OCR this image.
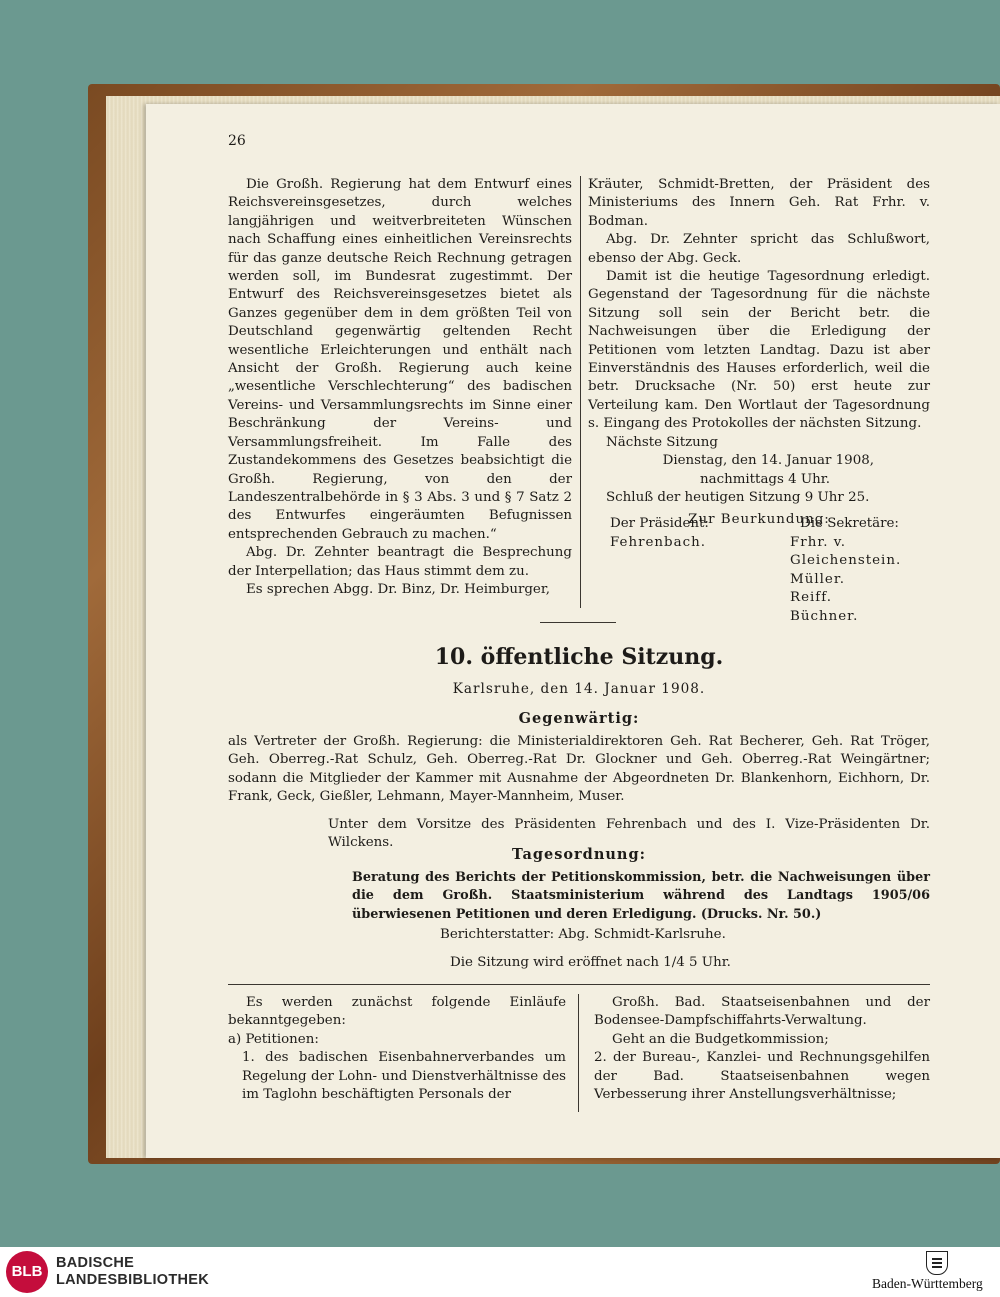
26

Die Großh. Regierung hat dem Entwurf eines Reichsvereinsgesetzes, durch welches langjährigen und weitverbreiteten Wünschen nach Schaffung eines einheitlichen Vereinsrechts für das ganze deutsche Reich Rechnung getragen werden soll, im Bundesrat zugestimmt. Der Entwurf des Reichsvereinsgesetzes bietet als Ganzes gegenüber dem in dem größten Teil von Deutschland gegenwärtig geltenden Recht wesentliche Erleichterungen und enthält nach Ansicht der Großh. Regierung auch keine „wesentliche Verschlechterung“ des badischen Vereins- und Versammlungsrechts im Sinne einer Beschränkung der Vereins- und Versammlungsfreiheit. Im Falle des Zustandekommens des Gesetzes beabsichtigt die Großh. Regierung, von den der Landeszentralbehörde in § 3 Abs. 3 und § 7 Satz 2 des Entwurfes eingeräumten Befugnissen entsprechenden Gebrauch zu machen.“

Abg. Dr. Zehnter beantragt die Besprechung der Interpellation; das Haus stimmt dem zu.

Es sprechen Abgg. Dr. Binz, Dr. Heimburger,

Kräuter, Schmidt-Bretten, der Präsident des Ministeriums des Innern Geh. Rat Frhr. v. Bodman.

Abg. Dr. Zehnter spricht das Schlußwort, ebenso der Abg. Geck.

Damit ist die heutige Tagesordnung erledigt. Gegenstand der Tagesordnung für die nächste Sitzung soll sein der Bericht betr. die Nachweisungen über die Erledigung der Petitionen vom letzten Landtag. Dazu ist aber Einverständnis des Hauses erforderlich, weil die betr. Drucksache (Nr. 50) erst heute zur Verteilung kam. Den Wortlaut der Tagesordnung s. Eingang des Protokolles der nächsten Sitzung.

Nächste Sitzung

Dienstag, den 14. Januar 1908,

nachmittags 4 Uhr.

Schluß der heutigen Sitzung 9 Uhr 25.

Zur Beurkundung:

Der Präsident:
Fehrenbach.
Die Sekretäre:
Frhr. v. Gleichenstein.
Müller.
Reiff.
Büchner.
10. öffentliche Sitzung.
Karlsruhe, den 14. Januar 1908.
Gegenwärtig:

als Vertreter der Großh. Regierung: die Ministerialdirektoren Geh. Rat Becherer, Geh. Rat Tröger, Geh. Oberreg.-Rat Schulz, Geh. Oberreg.-Rat Dr. Glockner und Geh. Oberreg.-Rat Weingärtner; sodann die Mitglieder der Kammer mit Ausnahme der Abgeordneten Dr. Blankenhorn, Eichhorn, Dr. Frank, Geck, Gießler, Lehmann, Mayer-Mannheim, Muser.

Unter dem Vorsitze des Präsidenten Fehrenbach und des I. Vize-Präsidenten Dr. Wilckens.

Tagesordnung:

Beratung des Berichts der Petitionskommission, betr. die Nachweisungen über die dem Großh. Staatsministerium während des Landtags 1905/06 überwiesenen Petitionen und deren Erledigung. (Drucks. Nr. 50.)

Berichterstatter: Abg. Schmidt-Karlsruhe.
Die Sitzung wird eröffnet nach 1/4 5 Uhr.

Es werden zunächst folgende Einläufe bekanntgegeben:

a) Petitionen:

1. des badischen Eisenbahnerverbandes um Regelung der Lohn- und Dienstverhältnisse des im Taglohn beschäftigten Personals der

Großh. Bad. Staatseisenbahnen und der Bodensee-Dampfschiffahrts-Verwaltung.

Geht an die Budgetkommission;

2. der Bureau-, Kanzlei- und Rechnungsgehilfen der Bad. Staatseisenbahnen wegen Verbesserung ihrer Anstellungsverhältnisse;

BLB BADISCHE
LANDESBIBLIOTHEK	Baden-Württemberg
